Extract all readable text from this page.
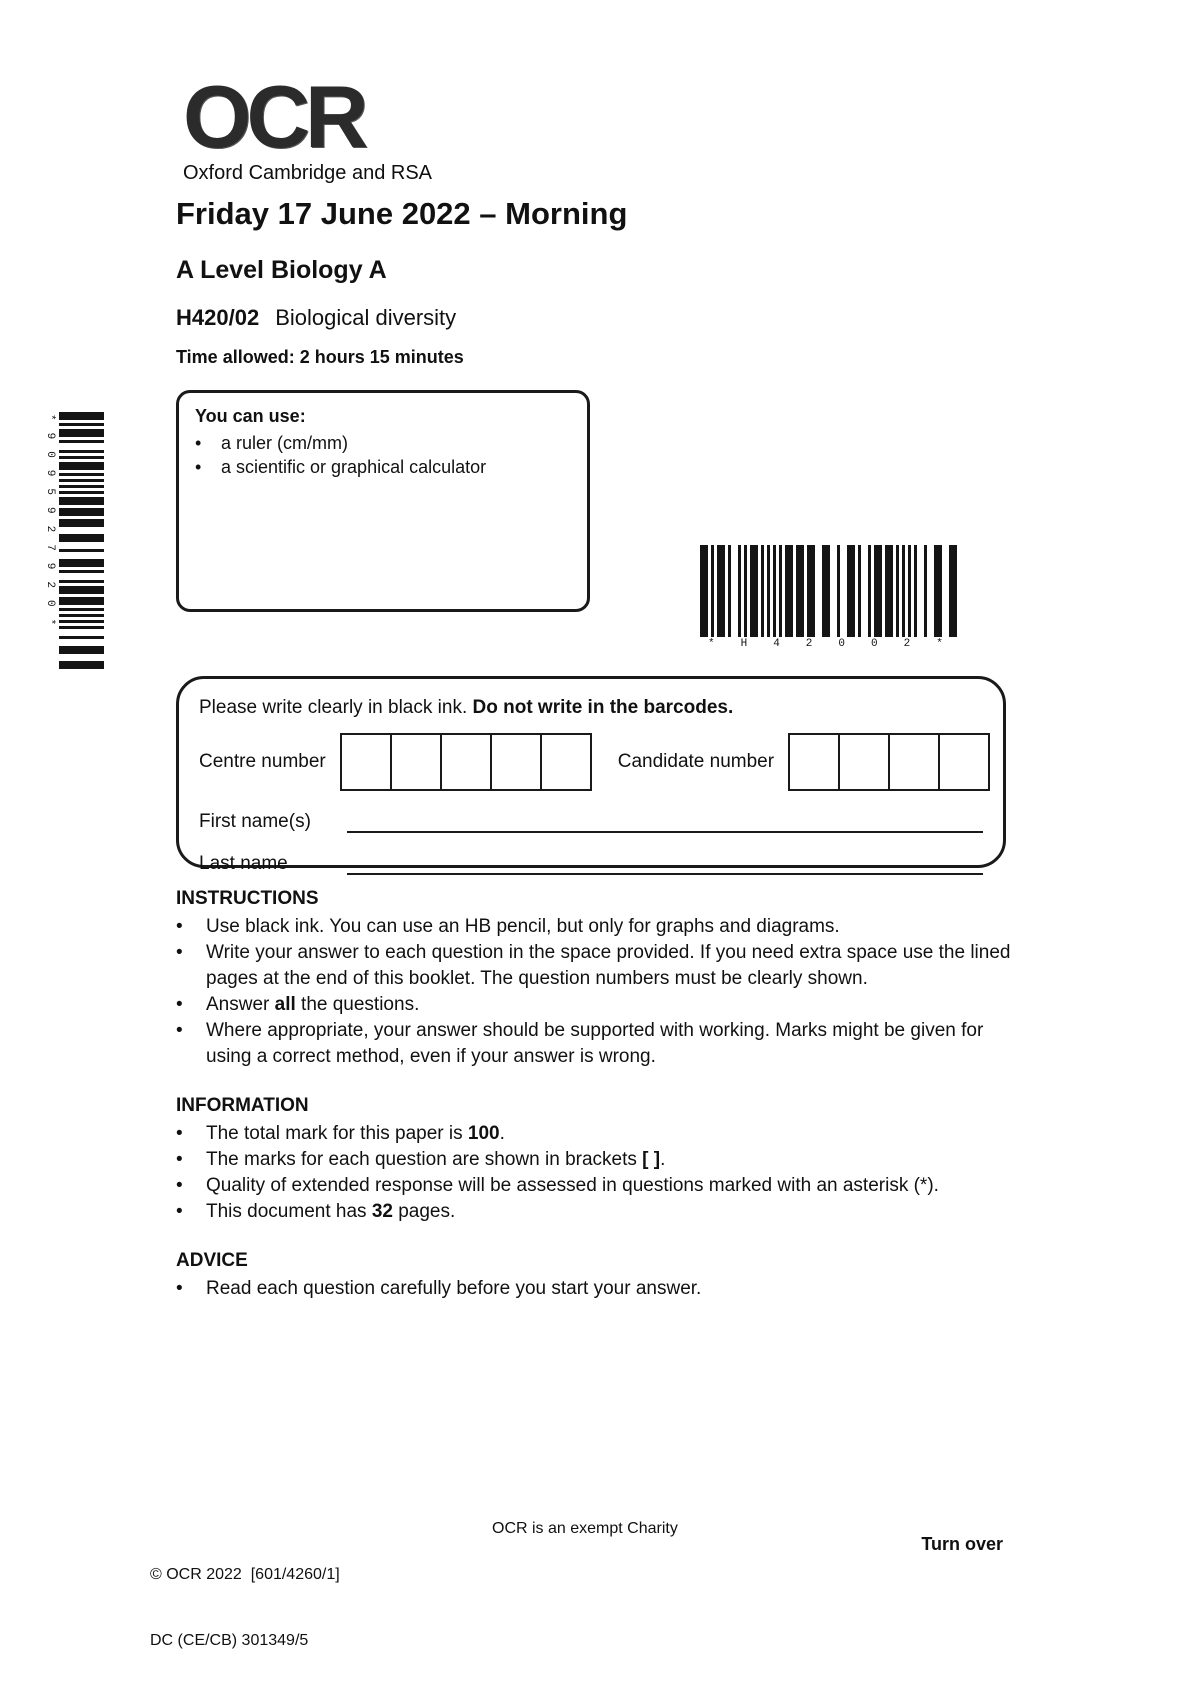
*9095927920*
OCR
Oxford Cambridge and RSA
Friday 17 June 2022 – Morning
A Level Biology A
H420/02 Biological diversity
Time allowed: 2 hours 15 minutes
You can use:
•	a ruler (cm/mm)
•	a scientific or graphical calculator
*H42002*
Please write clearly in black ink. Do not write in the barcodes.
Centre number	Candidate number
First name(s)
Last name
INSTRUCTIONS
•	Use black ink. You can use an HB pencil, but only for graphs and diagrams.
•	Write your answer to each question in the space provided. If you need extra space use the lined pages at the end of this booklet. The question numbers must be clearly shown.
•	Answer all the questions.
•	Where appropriate, your answer should be supported with working. Marks might be given for using a correct method, even if your answer is wrong.
INFORMATION
•	The total mark for this paper is 100.
•	The marks for each question are shown in brackets [ ].
•	Quality of extended response will be assessed in questions marked with an asterisk (*).
•	This document has 32 pages.
ADVICE
•	Read each question carefully before you start your answer.

© OCR 2022  [601/4260/1]

DC (CE/CB) 301349/5

OCR is an exempt Charity
Turn over
